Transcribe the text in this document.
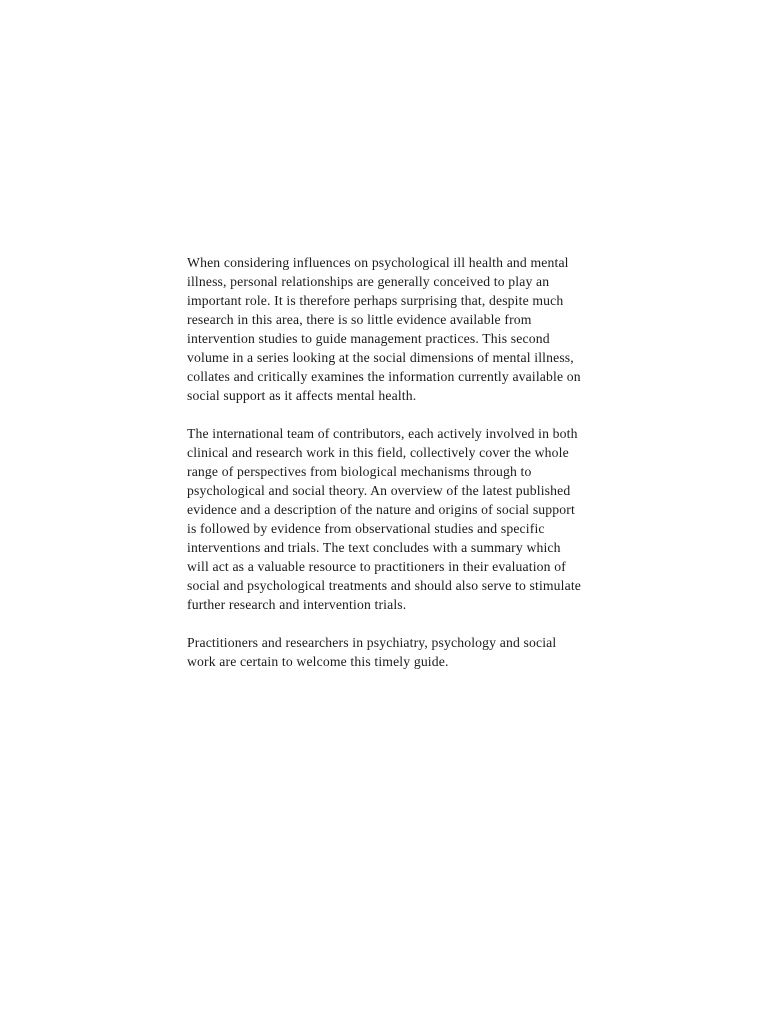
When considering influences on psychological ill health and mental
illness, personal relationships are generally conceived to play an
important role. It is therefore perhaps surprising that, despite much
research in this area, there is so little evidence available from
intervention studies to guide management practices. This second
volume in a series looking at the social dimensions of mental illness,
collates and critically examines the information currently available on
social support as it affects mental health.

The international team of contributors, each actively involved in both
clinical and research work in this field, collectively cover the whole
range of perspectives from biological mechanisms through to
psychological and social theory. An overview of the latest published
evidence and a description of the nature and origins of social support
is followed by evidence from observational studies and specific
interventions and trials. The text concludes with a summary which
will act as a valuable resource to practitioners in their evaluation of
social and psychological treatments and should also serve to stimulate
further research and intervention trials.

Practitioners and researchers in psychiatry, psychology and social
work are certain to welcome this timely guide.
